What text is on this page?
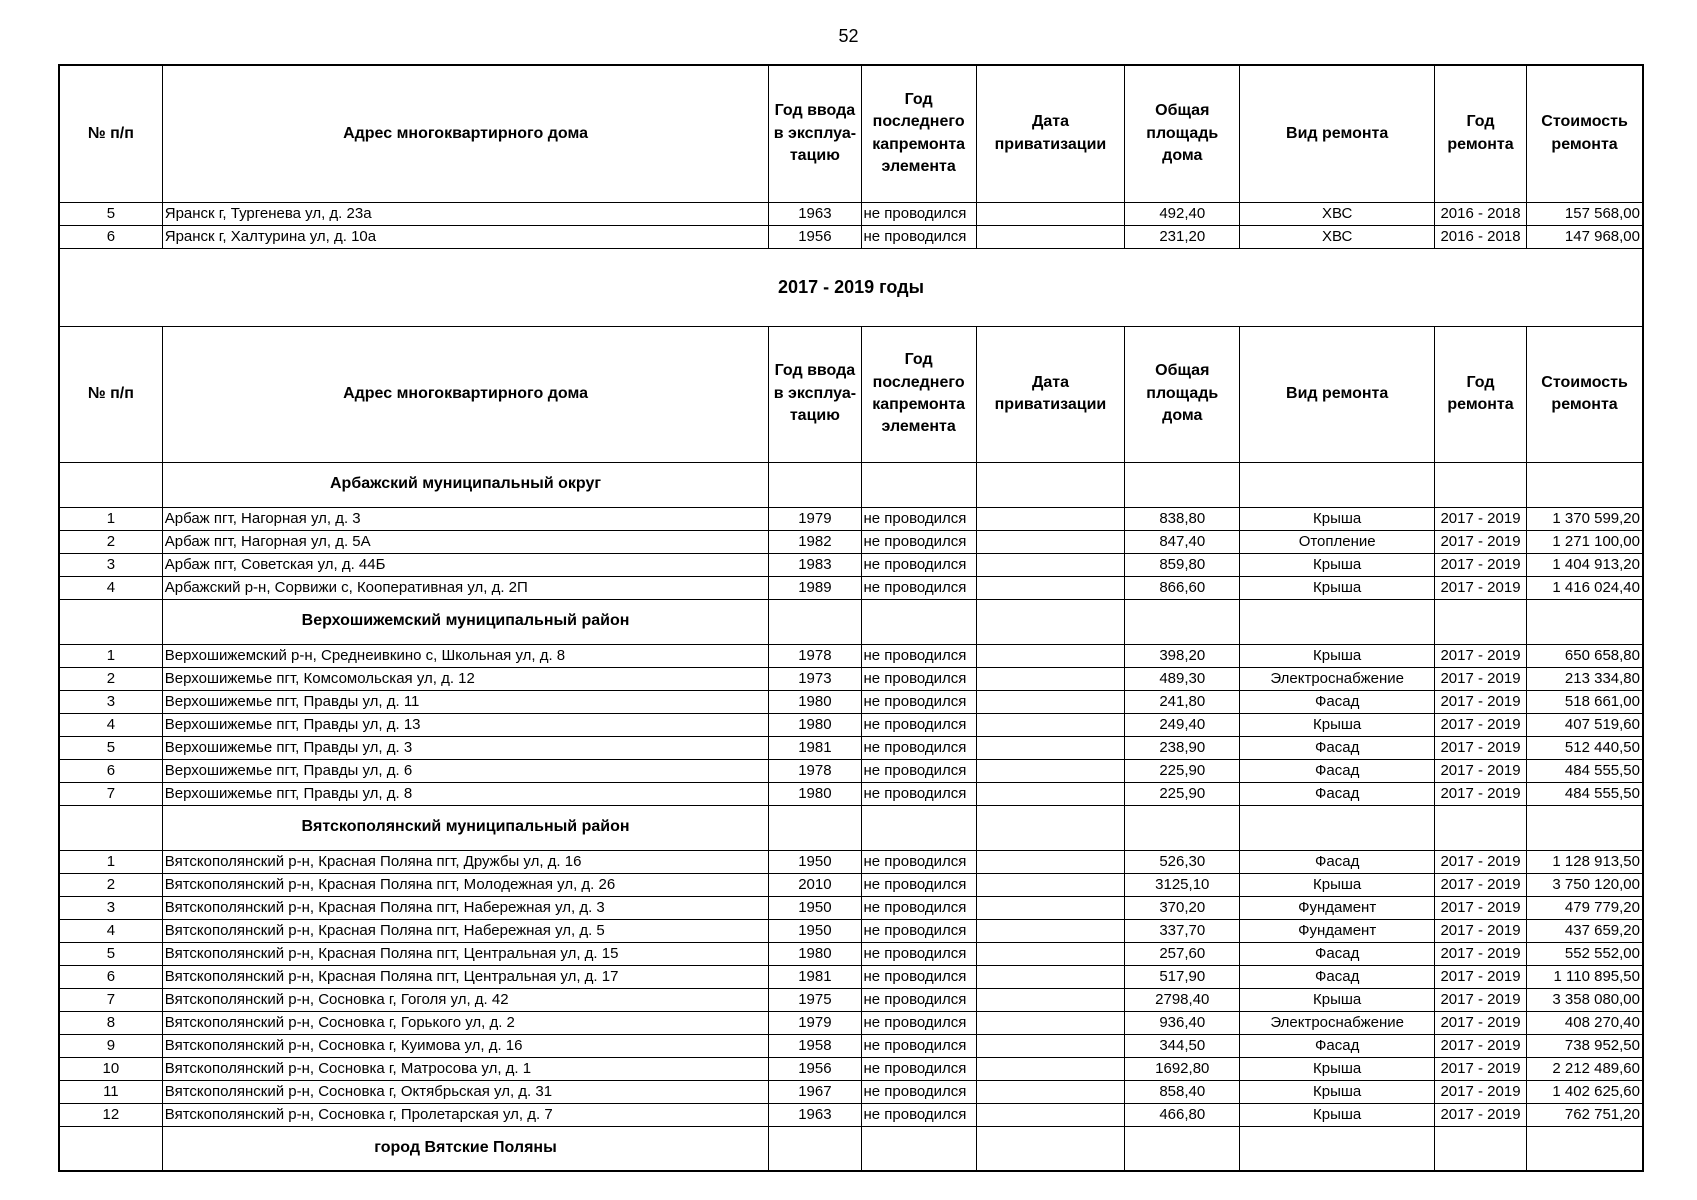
52
№ п/п	Адрес многоквартирного дома	Год ввода в эксплуа-тацию	Год последнего капремонта элемента	Дата приватизации	Общая площадь дома	Вид ремонта	Год ремонта	Стоимость ремонта
5	Яранск г, Тургенева ул, д. 23а	1963	не проводился		492,40	ХВС	2016 - 2018	157 568,00
6	Яранск г, Халтурина ул, д. 10а	1956	не проводился		231,20	ХВС	2016 - 2018	147 968,00
2017 - 2019 годы								
№ п/п	Адрес многоквартирного дома	Год ввода в эксплуа-тацию	Год последнего капремонта элемента	Дата приватизации	Общая площадь дома	Вид ремонта	Год ремонта	Стоимость ремонта
	Арбажский муниципальный округ							
1	Арбаж пгт, Нагорная ул, д. 3	1979	не проводился		838,80	Крыша	2017 - 2019	1 370 599,20
2	Арбаж пгт, Нагорная ул, д. 5А	1982	не проводился		847,40	Отопление	2017 - 2019	1 271 100,00
3	Арбаж пгт, Советская ул, д. 44Б	1983	не проводился		859,80	Крыша	2017 - 2019	1 404 913,20
4	Арбажский р-н, Сорвижи с, Кооперативная ул, д. 2П	1989	не проводился		866,60	Крыша	2017 - 2019	1 416 024,40
	Верхошижемский муниципальный район							
1	Верхошижемский р-н, Среднеивкино с, Школьная ул, д. 8	1978	не проводился		398,20	Крыша	2017 - 2019	650 658,80
2	Верхошижемье пгт, Комсомольская ул, д. 12	1973	не проводился		489,30	Электроснабжение	2017 - 2019	213 334,80
3	Верхошижемье пгт, Правды ул, д. 11	1980	не проводился		241,80	Фасад	2017 - 2019	518 661,00
4	Верхошижемье пгт, Правды ул, д. 13	1980	не проводился		249,40	Крыша	2017 - 2019	407 519,60
5	Верхошижемье пгт, Правды ул, д. 3	1981	не проводился		238,90	Фасад	2017 - 2019	512 440,50
6	Верхошижемье пгт, Правды ул, д. 6	1978	не проводился		225,90	Фасад	2017 - 2019	484 555,50
7	Верхошижемье пгт, Правды ул, д. 8	1980	не проводился		225,90	Фасад	2017 - 2019	484 555,50
	Вятскополянский муниципальный район							
1	Вятскополянский р-н, Красная Поляна пгт, Дружбы ул, д. 16	1950	не проводился		526,30	Фасад	2017 - 2019	1 128 913,50
2	Вятскополянский р-н, Красная Поляна пгт, Молодежная ул, д. 26	2010	не проводился		3125,10	Крыша	2017 - 2019	3 750 120,00
3	Вятскополянский р-н, Красная Поляна пгт, Набережная ул, д. 3	1950	не проводился		370,20	Фундамент	2017 - 2019	479 779,20
4	Вятскополянский р-н, Красная Поляна пгт, Набережная ул, д. 5	1950	не проводился		337,70	Фундамент	2017 - 2019	437 659,20
5	Вятскополянский р-н, Красная Поляна пгт, Центральная ул, д. 15	1980	не проводился		257,60	Фасад	2017 - 2019	552 552,00
6	Вятскополянский р-н, Красная Поляна пгт, Центральная ул, д. 17	1981	не проводился		517,90	Фасад	2017 - 2019	1 110 895,50
7	Вятскополянский р-н, Сосновка г, Гоголя ул, д. 42	1975	не проводился		2798,40	Крыша	2017 - 2019	3 358 080,00
8	Вятскополянский р-н, Сосновка г, Горького ул, д. 2	1979	не проводился		936,40	Электроснабжение	2017 - 2019	408 270,40
9	Вятскополянский р-н, Сосновка г, Куимова ул, д. 16	1958	не проводился		344,50	Фасад	2017 - 2019	738 952,50
10	Вятскополянский р-н, Сосновка г, Матросова ул, д. 1	1956	не проводился		1692,80	Крыша	2017 - 2019	2 212 489,60
11	Вятскополянский р-н, Сосновка г, Октябрьская ул, д. 31	1967	не проводился		858,40	Крыша	2017 - 2019	1 402 625,60
12	Вятскополянский р-н, Сосновка г, Пролетарская ул, д. 7	1963	не проводился		466,80	Крыша	2017 - 2019	762 751,20
	город Вятские Поляны							
